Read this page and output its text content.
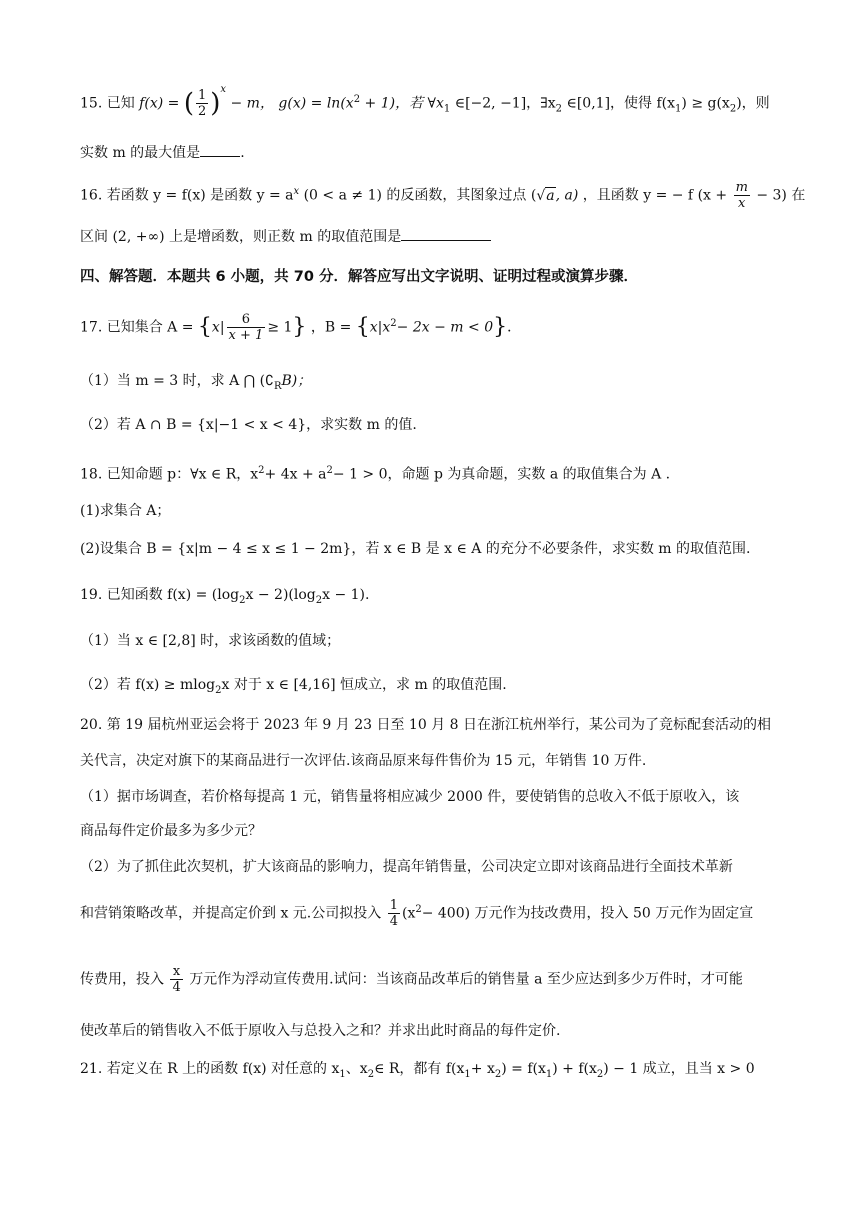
15. 已知 f(x) = ( $\frac{1}{2} )^x - m$， $g(x) = \ln(x^2 + 1)$，若 $\forall x_1$ ∈[−2, −1]，$\exists x_2$ ∈[0,1]，使得 $f(x_1) \ge g(x_2)$，则
实数 m 的最大值是	.
16. 若函数 y = f(x) 是函数 $y = a^x$ (0 < a ≠ 1) 的反函数，其图象过点 (√a, a) ，且函数 y = − f $(x + \frac{m}{x} - 3)$ 在
区间 (2, +∞) 上是增函数，则正数 m 的取值范围是
四、解答题．本题共 6 小题，共 70 分．解答应写出文字说明、证明过程或演算步骤．
17. 已知集合 $A = \{x| \frac{6}{x + 1} \ge 1\}$ ，$B = \{x|x^2- 2x - m < 0\}$．
（1）当 m = 3 时，求 A ⋂ $(∁_RB)$；
（2）若 A ∩ B = {x|−1 < x < 4}，求实数 m 的值.
18. 已知命题 p：∀x ∈ R，$x^2+ 4x + a^2- 1 > 0$，命题 p 为真命题，实数 a 的取值集合为 A .
(1)求集合 A；
(2)设集合 B = {x|m − 4 ≤ x ≤ 1 − 2m}，若 x ∈ B 是 x ∈ A 的充分不必要条件，求实数 m 的取值范围.
19. 已知函数 $f(x) = (\log_2x - 2)(\log_2x - 1)$.
（1）当 x ∈ [2,8] 时，求该函数的值域；
（2）若 f(x) ≥ mlog$_2$x 对于 x ∈ [4,16] 恒成立，求 m 的取值范围.
20. 第 19 届杭州亚运会将于 2023 年 9 月 23 日至 10 月 8 日在浙江杭州举行，某公司为了竞标配套活动的相
关代言，决定对旗下的某商品进行一次评估.该商品原来每件售价为 15 元，年销售 10 万件.
（1）据市场调查，若价格每提高 1 元，销售量将相应减少 2000 件，要使销售的总收入不低于原收入，该
商品每件定价最多为多少元？
（2）为了抓住此次契机，扩大该商品的影响力，提高年销售量，公司决定立即对该商品进行全面技术革新
和营销策略改革，并提高定价到 x 元.公司拟投入 $\frac{1}{4} (x^2- 400)$ 万元作为技改费用，投入 50 万元作为固定宣
传费用，投入 $\frac{x}{4}$ 万元作为浮动宣传费用.试问：当该商品改革后的销售量 a 至少应达到多少万件时，才可能
使改革后的销售收入不低于原收入与总投入之和？并求出此时商品的每件定价.
21. 若定义在 R 上的函数 f(x) 对任意的 $x_1$、$x_2\in$ R，都有 $f(x_1+ x_2) = f(x_1) + f(x_2) - 1$ 成立，且当 x > 0
